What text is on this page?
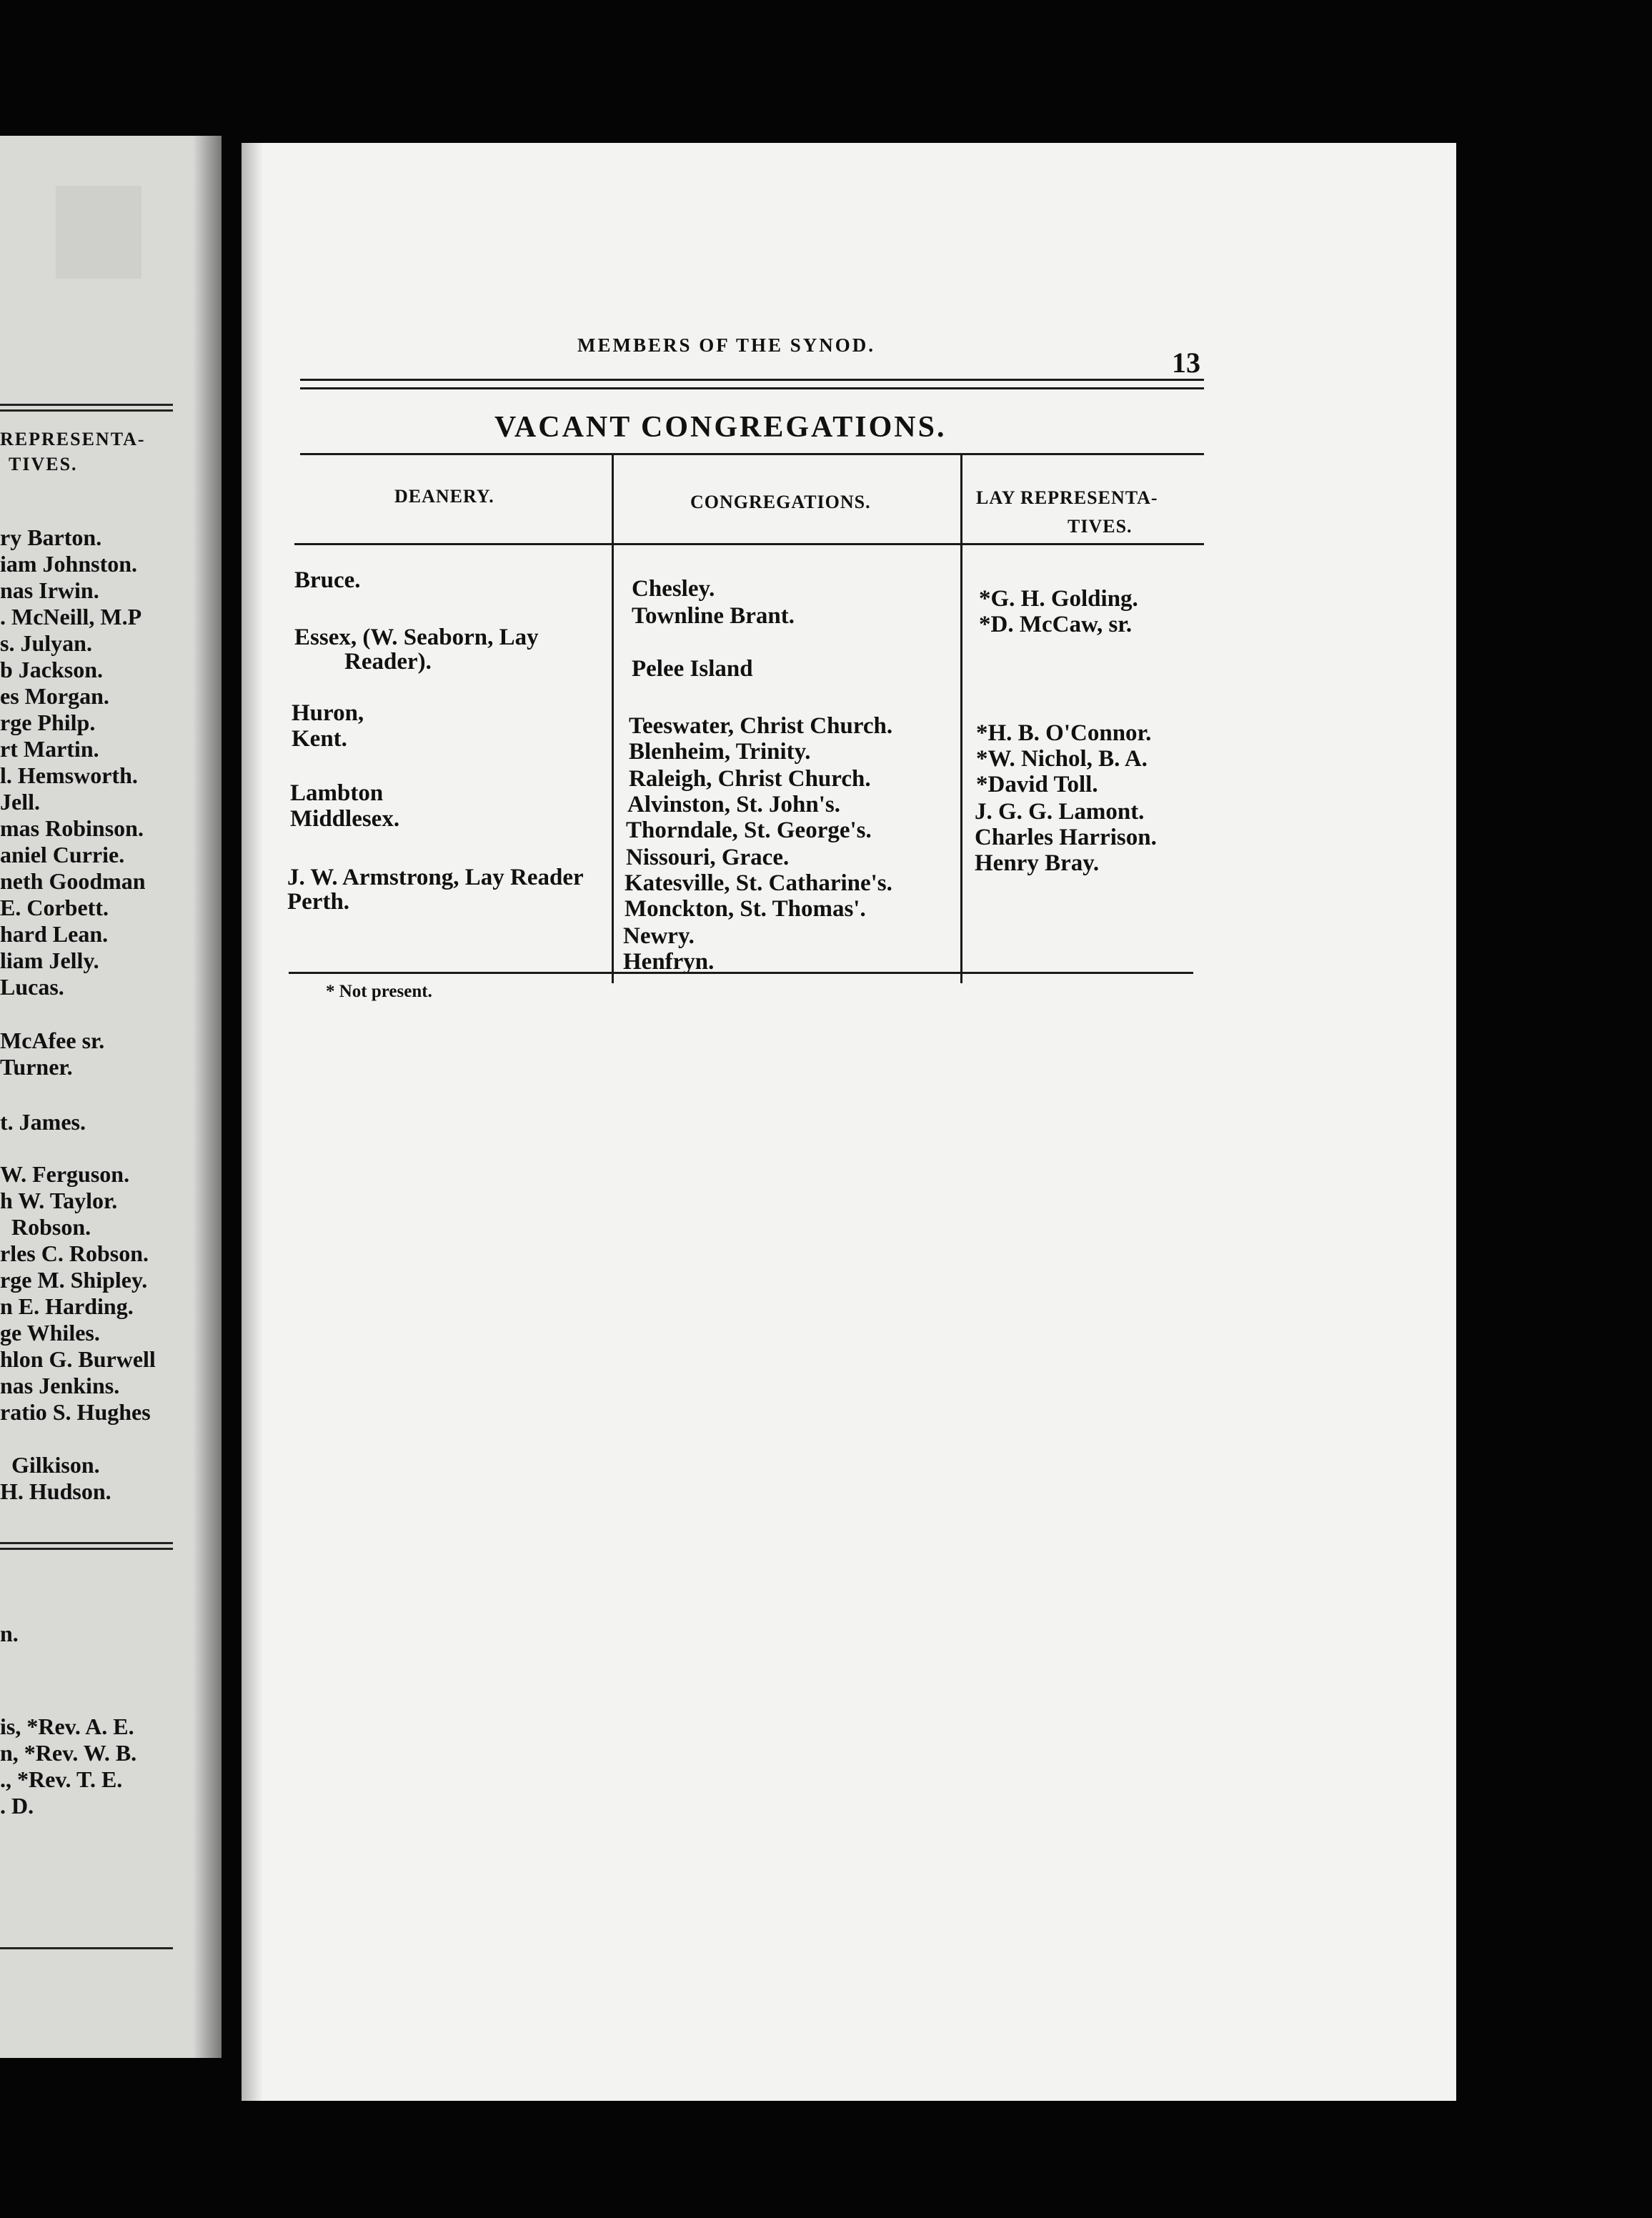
REPRESENTA-
TIVES.
ry Barton.
iam Johnston.
nas Irwin.
. McNeill, M.P
s. Julyan.
b Jackson.
es Morgan.
rge Philp.
rt Martin.
l. Hemsworth.
Jell.
mas Robinson.
aniel Currie.
neth Goodman
E. Corbett.
hard Lean.
liam Jelly.
Lucas.
McAfee sr.
Turner.
t. James.
W. Ferguson.
h W. Taylor.
Robson.
rles C. Robson.
rge M. Shipley.
n E. Harding.
ge Whiles.
hlon G. Burwell
nas Jenkins.
ratio S. Hughes
Gilkison.
H. Hudson.
n.
is, *Rev. A. E.
n, *Rev. W. B.
., *Rev. T. E.
. D.
MEMBERS OF THE SYNOD.
13
VACANT CONGREGATIONS.
DEANERY.	CONGREGATIONS.	LAY REPRESENTA-
TIVES.
Bruce.
Essex, (W. Seaborn, Lay
Reader).
Huron,
Kent.
Lambton
Middlesex.
J. W. Armstrong, Lay Reader
Perth.
Chesley.
Townline Brant.
Pelee Island
Teeswater, Christ Church.
Blenheim, Trinity.
Raleigh, Christ Church.
Alvinston, St. John's.
Thorndale, St. George's.
Nissouri, Grace.
Katesville, St. Catharine's.
Monckton, St. Thomas'.
Newry.
Henfryn.
*G. H. Golding.
*D. McCaw, sr.
*H. B. O'Connor.
*W. Nichol, B. A.
*David Toll.
J. G. G. Lamont.
Charles Harrison.
Henry Bray.
* Not present.
